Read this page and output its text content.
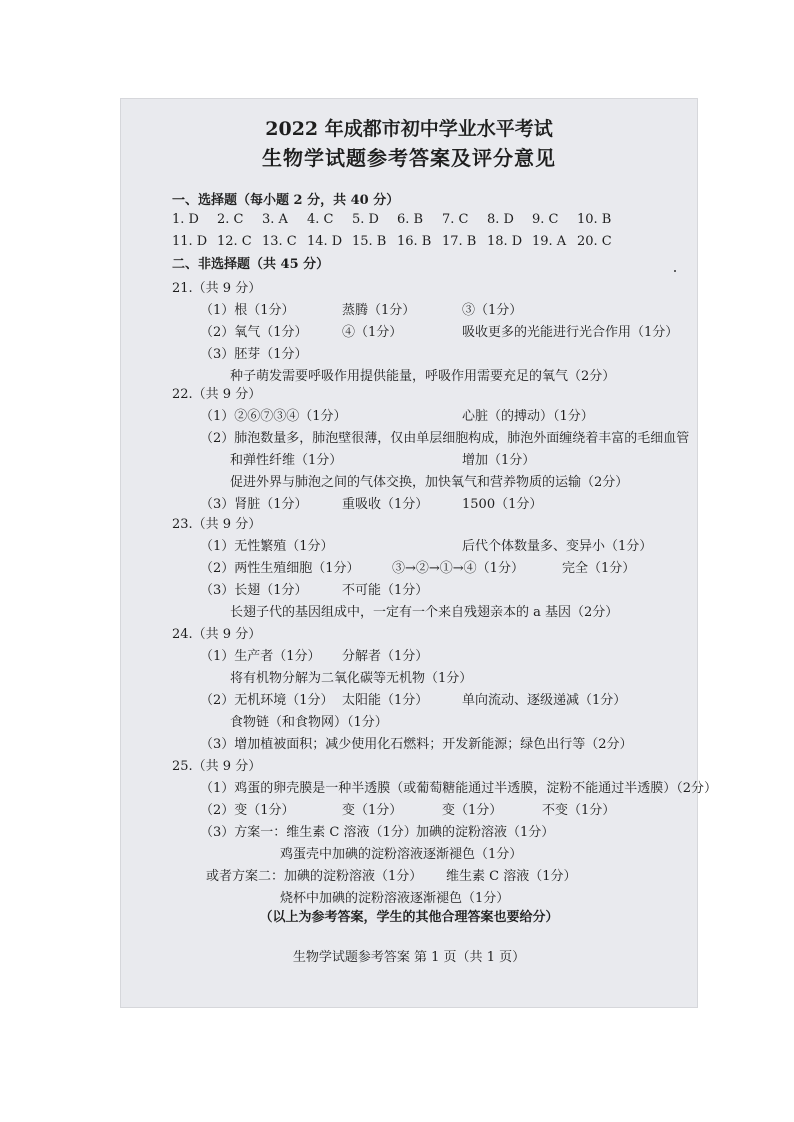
2022 年成都市初中学业水平考试
生物学试题参考答案及评分意见
一、选择题（每小题 2 分，共 40 分）
1. D 2. C 3. A 4. C 5. D 6. B 7. C 8. D 9. C 10. B
11. D 12. C 13. C 14. D 15. B 16. B 17. B 18. D 19. A 20. C
二、非选择题（共 45 分）
21.（共 9 分）
（1）根（1分）	蒸腾（1分）	③（1分）
（2）氧气（1分）	④（1分）	吸收更多的光能进行光合作用（1分）
（3）胚芽（1分）
种子萌发需要呼吸作用提供能量，呼吸作用需要充足的氧气（2分）
22.（共 9 分）
（1）②⑥⑦③④（1分）	心脏（的搏动）（1分）
（2）肺泡数量多，肺泡壁很薄，仅由单层细胞构成，肺泡外面缠绕着丰富的毛细血管
和弹性纤维（1分）	增加（1分）
促进外界与肺泡之间的气体交换，加快氧气和营养物质的运输（2分）
（3）肾脏（1分）	重吸收（1分）	1500（1分）
23.（共 9 分）
（1）无性繁殖（1分）	后代个体数量多、变异小（1分）
（2）两性生殖细胞（1分） ③→②→①→④（1分）	完全（1分）
（3）长翅（1分）	不可能（1分）
长翅子代的基因组成中，一定有一个来自残翅亲本的 a 基因（2分）
24.（共 9 分）
（1）生产者（1分） 分解者（1分）
将有机物分解为二氧化碳等无机物（1分）
（2）无机环境（1分） 太阳能（1分）	单向流动、逐级递减（1分）
食物链（和食物网）（1分）
（3）增加植被面积；减少使用化石燃料；开发新能源；绿色出行等（2分）
25.（共 9 分）
（1）鸡蛋的卵壳膜是一种半透膜（或葡萄糖能通过半透膜，淀粉不能通过半透膜）（2分）
（2）变（1分）	变（1分）	变（1分）	不变（1分）
（3）方案一：维生素 C 溶液（1分） 加碘的淀粉溶液（1分）
鸡蛋壳中加碘的淀粉溶液逐渐褪色（1分）
或者方案二：加碘的淀粉溶液（1分） 维生素 C 溶液（1分）
烧杯中加碘的淀粉溶液逐渐褪色（1分）
（以上为参考答案，学生的其他合理答案也要给分）
生物学试题参考答案 第 1 页（共 1 页）
